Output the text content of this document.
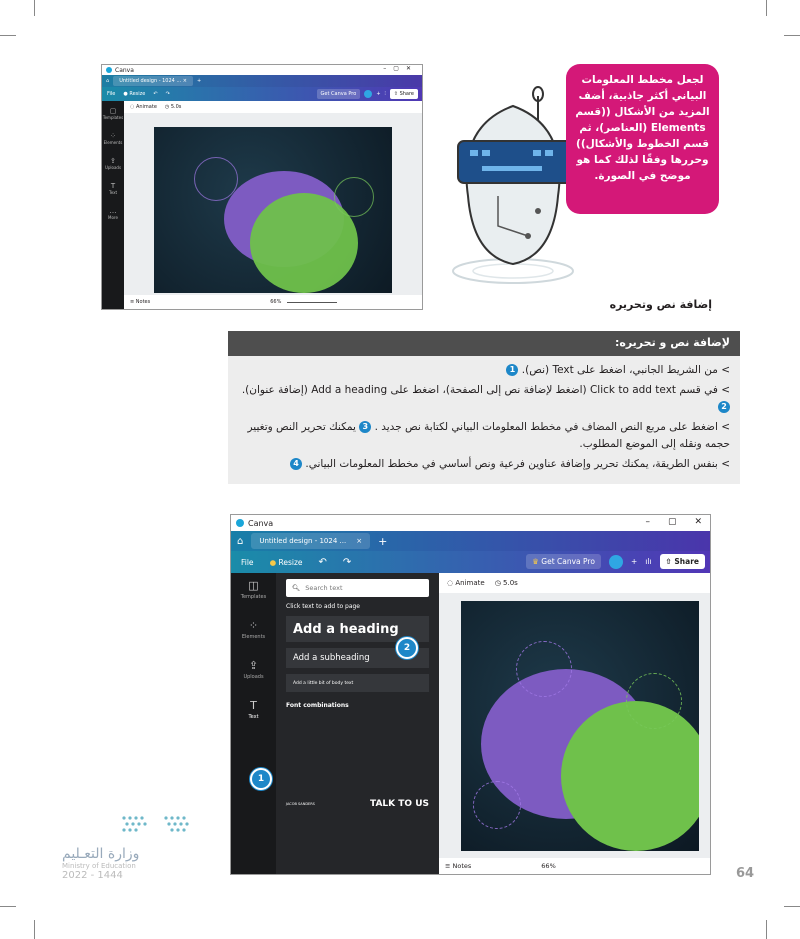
Canva	–▢✕
⌂	Untitled design - 1024 ... ×	+
File ● Resize ↶ ↷	Get Canva Pro	+ ⫶	⇧ Share
▢
Templates
⁘
Elements
⇪
Uploads
T
Text
…
More
◌ Animate ◷ 5.0s
≡ Notes	66%
لجعل مخطط المعلومات البياني أكثر جاذبية، أضف المزيد من الأشكال ((قسم Elements (العناصر)، ثم قسم الخطوط والأشكال)) وحررها وفقًا لذلك كما هو موضح في الصورة.
إضافة نص وتحريره
لإضافة نص و تحريره:

> من الشريط الجانبي، اضغط على Text (نص). 1

> في قسم Click to add text (اضغط لإضافة نص إلى الصفحة)، اضغط على Add a heading (إضافة عنوان). 2

> اضغط على مربع النص المضاف في مخطط المعلومات البياني لكتابة نص جديد . 3 يمكنك تحرير النص وتغيير حجمه ونقله إلى الموضع المطلوب.

> بنفس الطريقة، يمكنك تحرير وإضافة عناوين فرعية ونص أساسي في مخطط المعلومات البياني. 4

Canva	– ▢ ✕
⌂ Untitled design - 1024 ... × +
File ● Resize ↶ ↷	♛ Get Canva Pro	+ ılı	⇧ Share
◫
Templates
⁘
Elements
⇪
Uploads
T
Text
1
🔍︎ Search text
Click text to add to page
Add a heading
Add a subheading
Add a little bit of body text
Font combinations
JACOB SANDERS	TALK TO US
2
◌ Animate ◷ 5.0s
≡ Notes	66%
وزارة التعـليم
Ministry of Education
2022 - 1444	64
